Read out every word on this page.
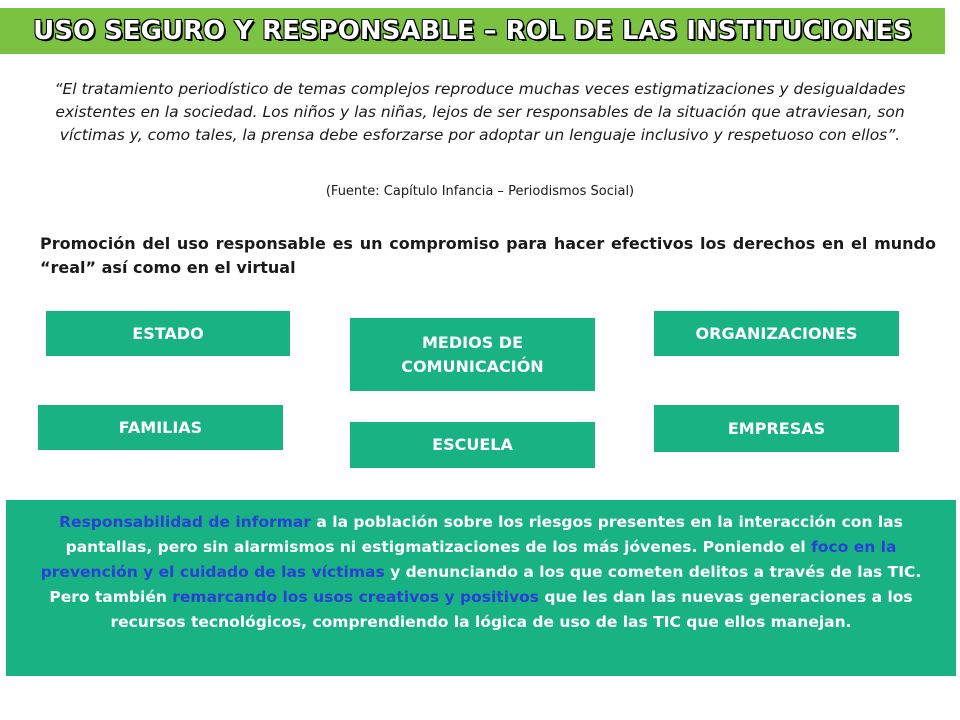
USO SEGURO Y RESPONSABLE – ROL DE LAS INSTITUCIONES
“El tratamiento periodístico de temas complejos reproduce muchas veces estigmatizaciones y desigualdades existentes en la sociedad. Los niños y las niñas, lejos de ser responsables de la situación que atraviesan, son víctimas y, como tales, la prensa debe esforzarse por adoptar un lenguaje inclusivo y respetuoso con ellos”.
(Fuente: Capítulo Infancia – Periodismos Social)
Promoción del uso responsable es un compromiso para hacer efectivos los derechos en el mundo “real” así como en el virtual
ESTADO	MEDIOS DE COMUNICACIÓN
ORGANIZACIONES
FAMILIAS
ESCUELA
EMPRESAS
Responsabilidad de informar a la población sobre los riesgos presentes en la interacción con las pantallas, pero sin alarmismos ni estigmatizaciones de los más jóvenes. Poniendo el foco en la prevención y el cuidado de las víctimas y denunciando a los que cometen delitos a través de las TIC. Pero también remarcando los usos creativos y positivos que les dan las nuevas generaciones a los recursos tecnológicos, comprendiendo la lógica de uso de las TIC que ellos manejan.
